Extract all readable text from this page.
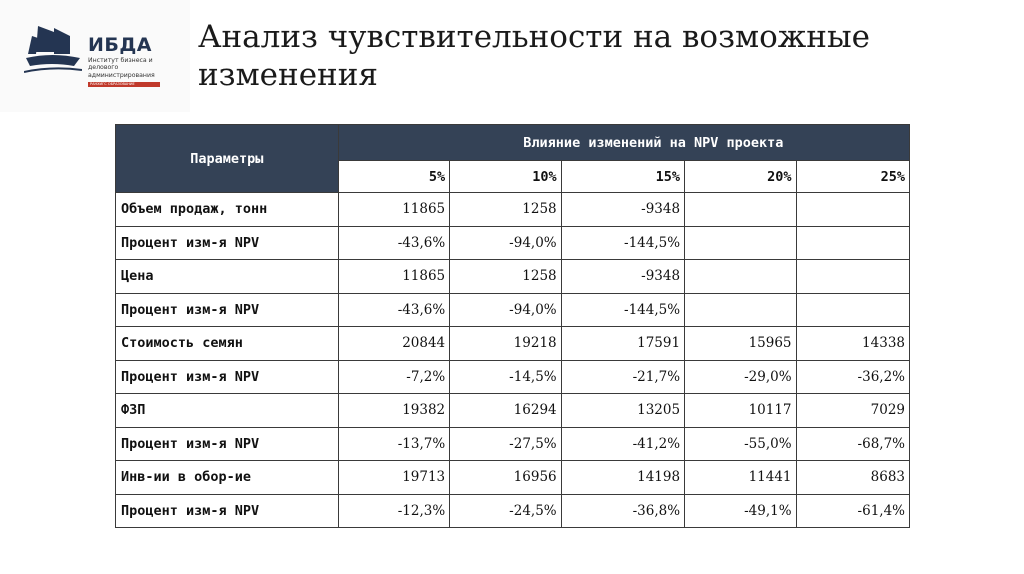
ИБДА
Институт бизнеса и делового администрирования
РАНХИГС ОБРАЗОВАНИЕ
Анализ чувствительности на возможные изменения
Параметры	Влияние изменений на NPV проекта				
	5%	10%	15%	20%	25%
Объем продаж, тонн	11865	1258	-9348		
Процент изм-я NPV	-43,6%	-94,0%	-144,5%		
Цена	11865	1258	-9348		
Процент изм-я NPV	-43,6%	-94,0%	-144,5%		
Стоимость семян	20844	19218	17591	15965	14338
Процент изм-я NPV	-7,2%	-14,5%	-21,7%	-29,0%	-36,2%
ФЗП	19382	16294	13205	10117	7029
Процент изм-я NPV	-13,7%	-27,5%	-41,2%	-55,0%	-68,7%
Инв-ии в обор-ие	19713	16956	14198	11441	8683
Процент изм-я NPV	-12,3%	-24,5%	-36,8%	-49,1%	-61,4%
